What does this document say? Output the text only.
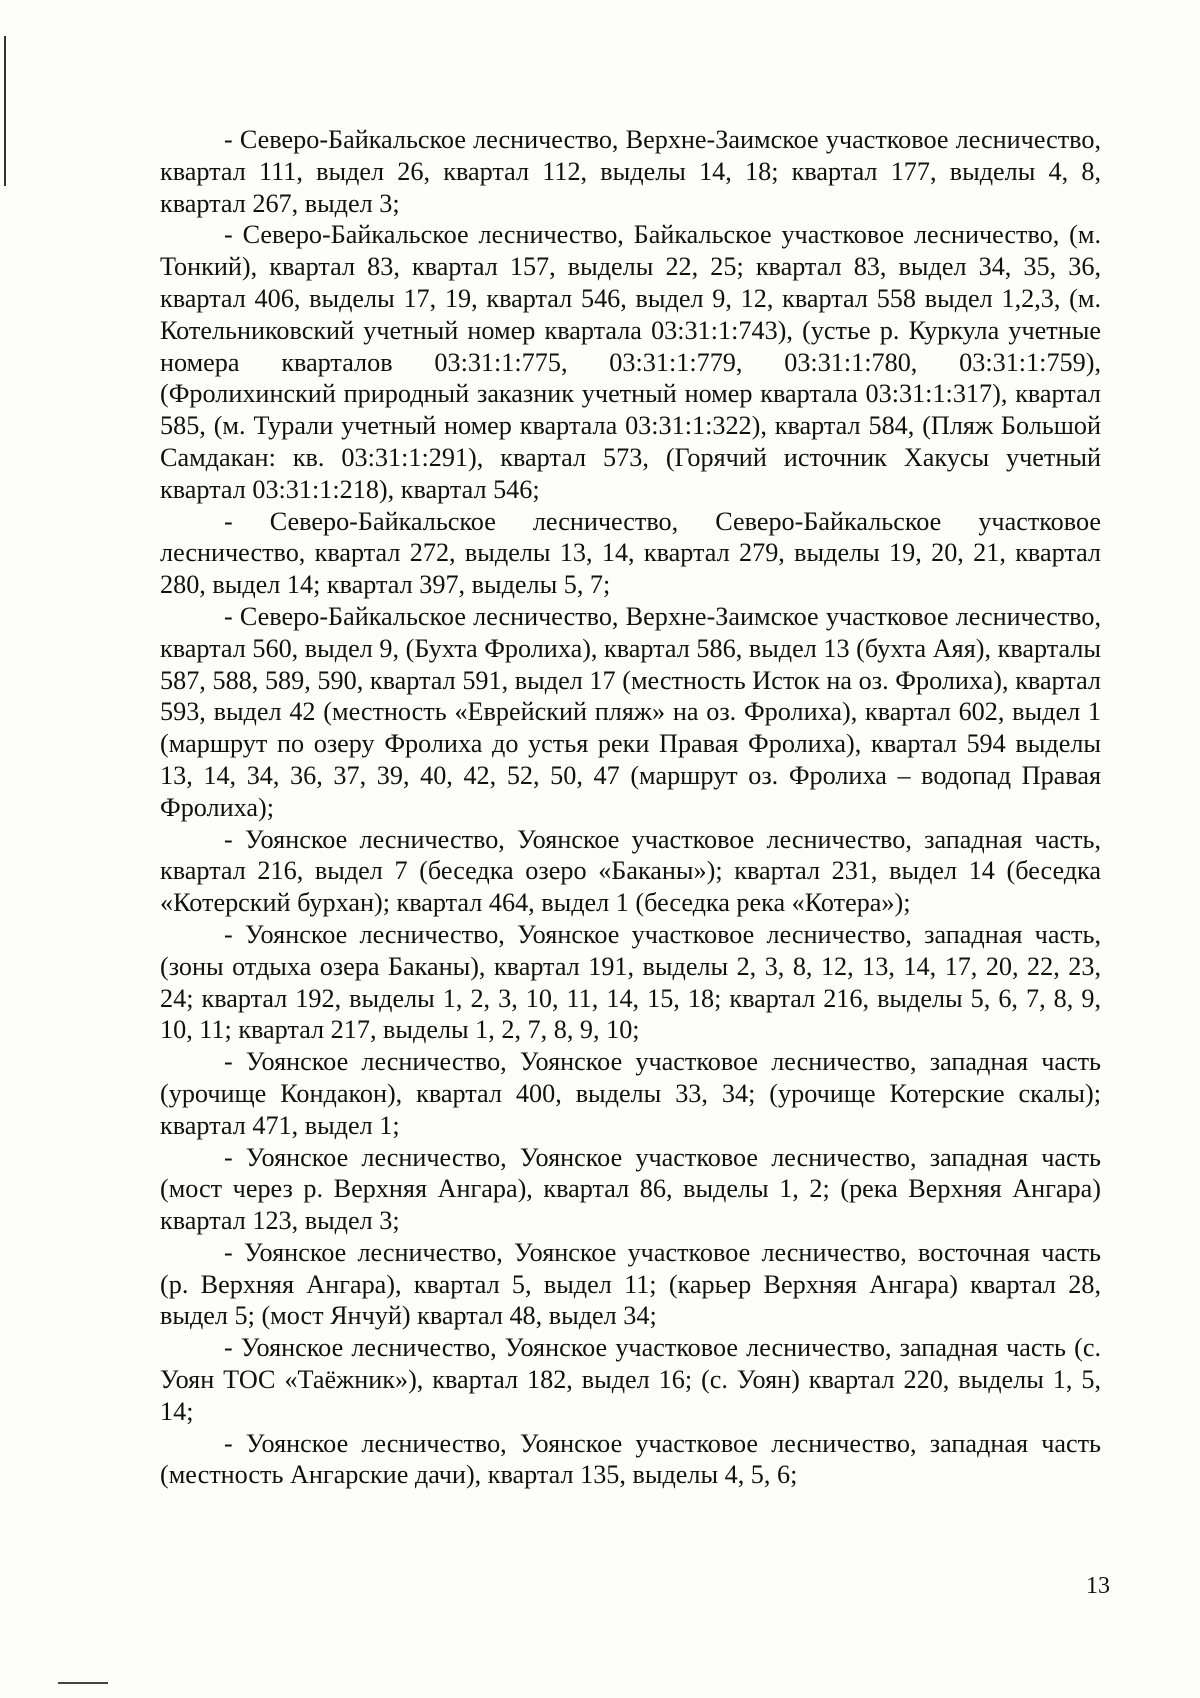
- Северо-Байкальское лесничество, Верхне-Заимское участковое лесничество, квартал 111, выдел 26, квартал 112, выделы 14, 18; квартал 177, выделы 4, 8, квартал 267, выдел 3;

- Северо-Байкальское лесничество, Байкальское участковое лесничество, (м. Тонкий), квартал 83, квартал 157, выделы 22, 25; квартал 83, выдел 34, 35, 36, квартал 406, выделы 17, 19, квартал 546, выдел 9, 12, квартал 558 выдел 1,2,3, (м. Котельниковский учетный номер квартала 03:31:1:743), (устье р. Куркула учетные номера кварталов 03:31:1:775, 03:31:1:779, 03:31:1:780, 03:31:1:759), (Фролихинский природный заказник учетный номер квартала 03:31:1:317), квартал 585, (м. Турали учетный номер квартала 03:31:1:322), квартал 584, (Пляж Большой Самдакан: кв. 03:31:1:291), квартал 573, (Горячий источник Хакусы учетный квартал 03:31:1:218), квартал 546;

- Северо-Байкальское лесничество, Северо-Байкальское участковое лесничество, квартал 272, выделы 13, 14, квартал 279, выделы 19, 20, 21, квартал 280, выдел 14; квартал 397, выделы 5, 7;

- Северо-Байкальское лесничество, Верхне-Заимское участковое лесничество, квартал 560, выдел 9, (Бухта Фролиха), квартал 586, выдел 13 (бухта Аяя), кварталы 587, 588, 589, 590, квартал 591, выдел 17 (местность Исток на оз. Фролиха), квартал 593, выдел 42 (местность «Еврейский пляж» на оз. Фролиха), квартал 602, выдел 1 (маршрут по озеру Фролиха до устья реки Правая Фролиха), квартал 594 выделы 13, 14, 34, 36, 37, 39, 40, 42, 52, 50, 47 (маршрут оз. Фролиха – водопад Правая Фролиха);

- Уоянское лесничество, Уоянское участковое лесничество, западная часть, квартал 216, выдел 7 (беседка озеро «Баканы»); квартал 231, выдел 14 (беседка «Котерский бурхан); квартал 464, выдел 1 (беседка река «Котера»);

- Уоянское лесничество, Уоянское участковое лесничество, западная часть, (зоны отдыха озера Баканы), квартал 191, выделы 2, 3, 8, 12, 13, 14, 17, 20, 22, 23, 24; квартал 192, выделы 1, 2, 3, 10, 11, 14, 15, 18; квартал 216, выделы 5, 6, 7, 8, 9, 10, 11; квартал 217, выделы 1, 2, 7, 8, 9, 10;

- Уоянское лесничество, Уоянское участковое лесничество, западная часть (урочище Кондакон), квартал 400, выделы 33, 34; (урочище Котерские скалы); квартал 471, выдел 1;

- Уоянское лесничество, Уоянское участковое лесничество, западная часть (мост через р. Верхняя Ангара), квартал 86, выделы 1, 2; (река Верхняя Ангара) квартал 123, выдел 3;

- Уоянское лесничество, Уоянское участковое лесничество, восточная часть (р. Верхняя Ангара), квартал 5, выдел 11; (карьер Верхняя Ангара) квартал 28, выдел 5; (мост Янчуй) квартал 48, выдел 34;

- Уоянское лесничество, Уоянское участковое лесничество, западная часть (с. Уоян ТОС «Таёжник»), квартал 182, выдел 16; (с. Уоян) квартал 220, выделы 1, 5, 14;

- Уоянское лесничество, Уоянское участковое лесничество, западная часть (местность Ангарские дачи), квартал 135, выделы 4, 5, 6;

13
